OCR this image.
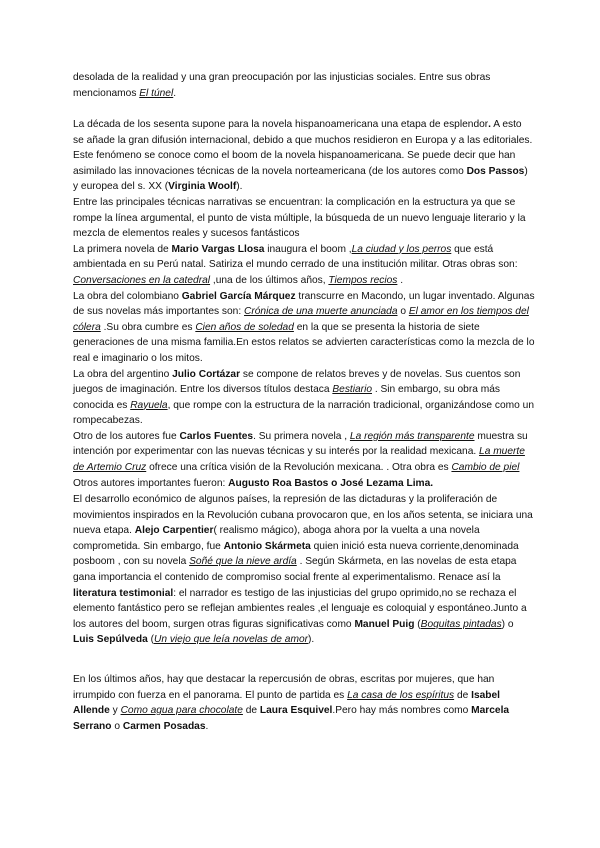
desolada de la realidad y una gran preocupación por las injusticias sociales. Entre sus obras mencionamos El túnel.

La década de los sesenta supone para la novela hispanoamericana una etapa de esplendor. A esto se añade la gran difusión internacional, debido a que muchos residieron en Europa y a las editoriales. Este fenómeno se conoce como el boom de la novela hispanoamericana. Se puede decir que han asimilado las innovaciones técnicas de la novela norteamericana (de los autores como Dos Passos) y europea del s. XX (Virginia Woolf).
Entre las principales técnicas narrativas se encuentran: la complicación en la estructura ya que se rompe la línea argumental, el punto de vista múltiple, la búsqueda de un nuevo lenguaje literario y la mezcla de elementos reales y sucesos fantásticos
La primera novela de Mario Vargas Llosa inaugura el boom ,La ciudad y los perros que está ambientada en su Perú natal. Satiriza el mundo cerrado de una institución militar. Otras obras son: Conversaciones en la catedral ,una de los últimos años, Tiempos recios .
La obra del colombiano Gabriel García Márquez transcurre en Macondo, un lugar inventado. Algunas de sus novelas más importantes son: Crónica de una muerte anunciada o El amor en los tiempos del cólera .Su obra cumbre es Cien años de soledad en la que se presenta la historia de siete generaciones de una misma familia.En estos relatos se advierten características como la mezcla de lo real e imaginario o los mitos.
La obra del argentino Julio Cortázar se compone de relatos breves y de novelas. Sus cuentos son juegos de imaginación. Entre los diversos títulos destaca Bestiario . Sin embargo, su obra más conocida es Rayuela, que rompe con la estructura de la narración tradicional, organizándose como un rompecabezas.
Otro de los autores fue Carlos Fuentes. Su primera novela , La región más transparente muestra su intención por experimentar con las nuevas técnicas y su interés por la realidad mexicana. La muerte de Artemio Cruz ofrece una crítica visión de la Revolución mexicana. . Otra obra es Cambio de piel
Otros autores importantes fueron: Augusto Roa Bastos o José Lezama Lima.

El desarrollo económico de algunos países, la represión de las dictaduras y la proliferación de movimientos inspirados en la Revolución cubana provocaron que, en los años setenta, se iniciara una nueva etapa. Alejo Carpentier( realismo mágico), aboga ahora por la vuelta a una novela comprometida. Sin embargo, fue Antonio Skármeta quien inició esta nueva corriente,denominada posboom , con su novela Soñé que la nieve ardía . Según Skármeta, en las novelas de esta etapa gana importancia el contenido de compromiso social frente al experimentalismo. Renace así la literatura testimonial: el narrador es testigo de las injusticias del grupo oprimido,no se rechaza el elemento fantástico pero se reflejan ambientes reales ,el lenguaje es coloquial y espontáneo.Junto a los autores del boom, surgen otras figuras significativas como Manuel Puig (Boquitas pintadas) o Luis Sepúlveda (Un viejo que leía novelas de amor).

En los últimos años, hay que destacar la repercusión de obras, escritas por mujeres, que han irrumpido con fuerza en el panorama. El punto de partida es La casa de los espíritus de Isabel Allende y Como agua para chocolate de Laura Esquivel.Pero hay más nombres como Marcela Serrano o Carmen Posadas.
